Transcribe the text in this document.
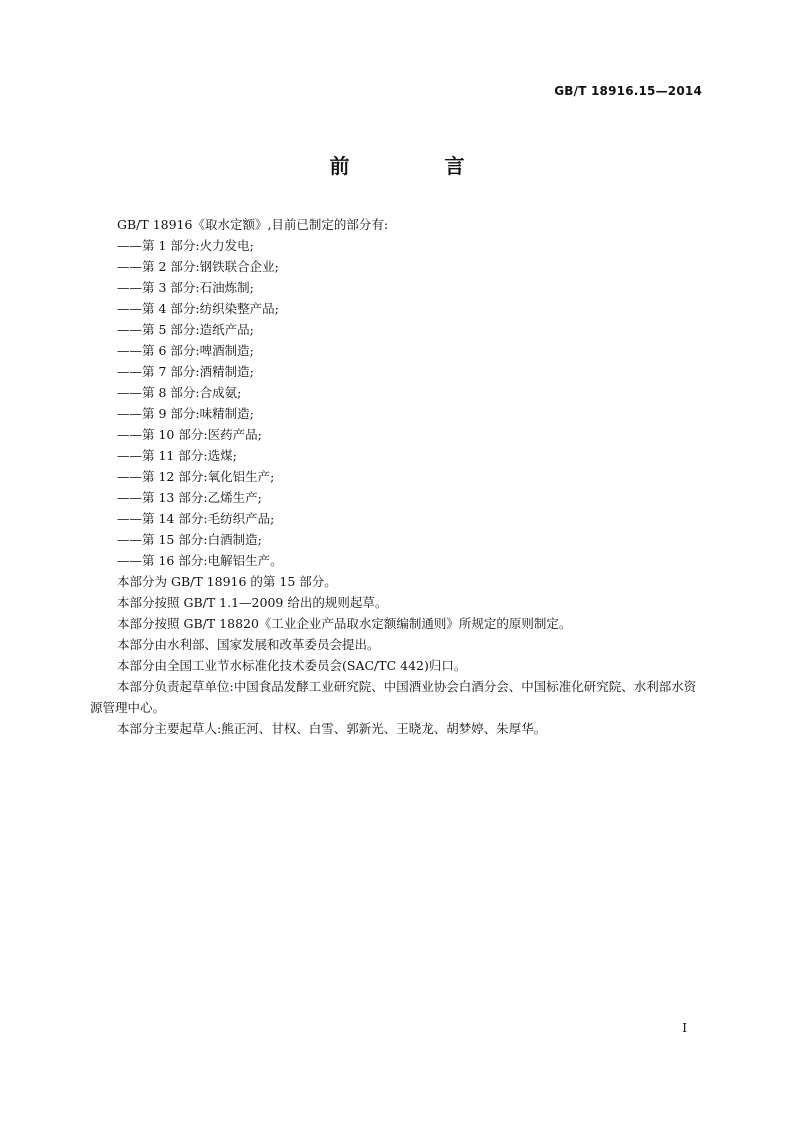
GB/T 18916.15—2014
前 言

GB/T 18916《取水定额》,目前已制定的部分有:

——第 1 部分:火力发电;

——第 2 部分:钢铁联合企业;

——第 3 部分:石油炼制;

——第 4 部分:纺织染整产品;

——第 5 部分:造纸产品;

——第 6 部分:啤酒制造;

——第 7 部分:酒精制造;

——第 8 部分:合成氨;

——第 9 部分:味精制造;

——第 10 部分:医药产品;

——第 11 部分:选煤;

——第 12 部分:氧化铝生产;

——第 13 部分:乙烯生产;

——第 14 部分:毛纺织产品;

——第 15 部分:白酒制造;

——第 16 部分:电解铝生产。

本部分为 GB/T 18916 的第 15 部分。

本部分按照 GB/T 1.1—2009 给出的规则起草。

本部分按照 GB/T 18820《工业企业产品取水定额编制通则》所规定的原则制定。

本部分由水利部、国家发展和改革委员会提出。

本部分由全国工业节水标准化技术委员会(SAC/TC 442)归口。

本部分负责起草单位:中国食品发酵工业研究院、中国酒业协会白酒分会、中国标准化研究院、水利部水资源管理中心。

本部分主要起草人:熊正河、甘权、白雪、郭新光、王晓龙、胡梦婷、朱厚华。

I
